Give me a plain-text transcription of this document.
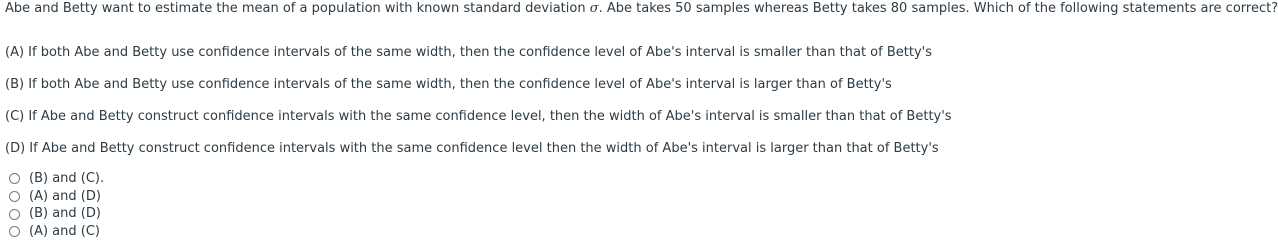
Abe and Betty want to estimate the mean of a population with known standard deviation σ. Abe takes 50 samples whereas Betty takes 80 samples. Which of the following statements are correct?
(A) If both Abe and Betty use confidence intervals of the same width, then the confidence level of Abe's interval is smaller than that of Betty's
(B) If both Abe and Betty use confidence intervals of the same width, then the confidence level of Abe's interval is larger than of Betty's
(C) If Abe and Betty construct confidence intervals with the same confidence level, then the width of Abe's interval is smaller than that of Betty's
(D) If Abe and Betty construct confidence intervals with the same confidence level then the width of Abe's interval is larger than that of Betty's
(B) and (C).
(A) and (D)
(B) and (D)
(A) and (C)
